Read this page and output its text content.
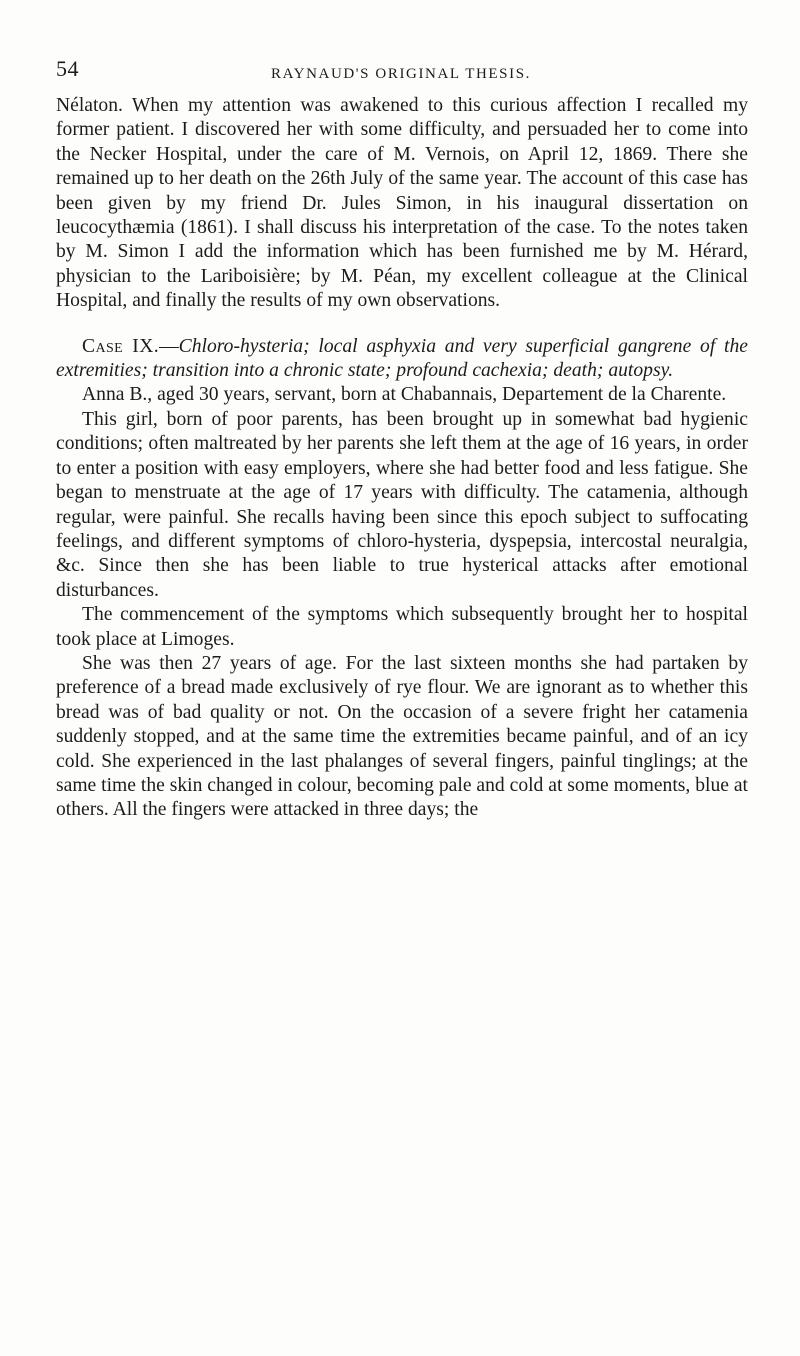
54	RAYNAUD'S ORIGINAL THESIS.

Nélaton. When my attention was awakened to this curious affection I recalled my former patient. I discovered her with some difficulty, and persuaded her to come into the Necker Hospital, under the care of M. Vernois, on April 12, 1869. There she remained up to her death on the 26th July of the same year. The account of this case has been given by my friend Dr. Jules Simon, in his inaugural dissertation on leucocythæmia (1861). I shall discuss his interpretation of the case. To the notes taken by M. Simon I add the information which has been furnished me by M. Hérard, physician to the Lariboisière; by M. Péan, my excellent colleague at the Clinical Hospital, and finally the results of my own observations.

Case IX.—Chloro-hysteria; local asphyxia and very superficial gangrene of the extremities; transition into a chronic state; profound cachexia; death; autopsy.

Anna B., aged 30 years, servant, born at Chabannais, Departement de la Charente.

This girl, born of poor parents, has been brought up in somewhat bad hygienic conditions; often maltreated by her parents she left them at the age of 16 years, in order to enter a position with easy employers, where she had better food and less fatigue. She began to menstruate at the age of 17 years with difficulty. The catamenia, although regular, were painful. She recalls having been since this epoch subject to suffocating feelings, and different symptoms of chloro-hysteria, dyspepsia, intercostal neuralgia, &c. Since then she has been liable to true hysterical attacks after emotional disturbances.

The commencement of the symptoms which subsequently brought her to hospital took place at Limoges.

She was then 27 years of age. For the last sixteen months she had partaken by preference of a bread made exclusively of rye flour. We are ignorant as to whether this bread was of bad quality or not. On the occasion of a severe fright her catamenia suddenly stopped, and at the same time the extremities became painful, and of an icy cold. She experienced in the last phalanges of several fingers, painful tinglings; at the same time the skin changed in colour, becoming pale and cold at some moments, blue at others. All the fingers were attacked in three days; the
